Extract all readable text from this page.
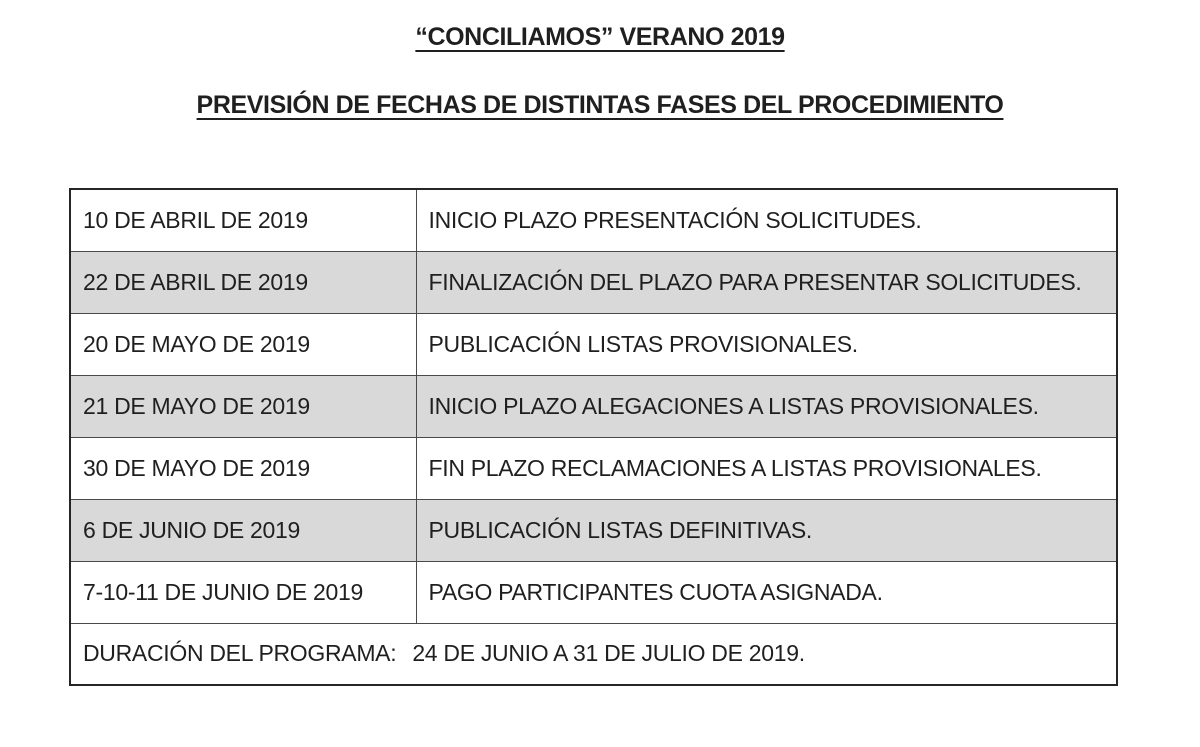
“CONCILIAMOS” VERANO 2019
PREVISIÓN DE FECHAS DE DISTINTAS FASES DEL PROCEDIMIENTO
10 DE ABRIL DE 2019	INICIO PLAZO PRESENTACIÓN SOLICITUDES.
22 DE ABRIL DE 2019	FINALIZACIÓN DEL PLAZO PARA PRESENTAR SOLICITUDES.
20 DE MAYO DE 2019	PUBLICACIÓN LISTAS PROVISIONALES.
21 DE MAYO DE 2019	INICIO PLAZO ALEGACIONES A LISTAS PROVISIONALES.
30 DE MAYO DE 2019	FIN PLAZO RECLAMACIONES A LISTAS PROVISIONALES.
6 DE JUNIO DE 2019	PUBLICACIÓN LISTAS DEFINITIVAS.
7-10-11 DE JUNIO DE 2019	PAGO PARTICIPANTES CUOTA ASIGNADA.
DURACIÓN DEL PROGRAMA: 24 DE JUNIO A 31 DE JULIO DE 2019.	
